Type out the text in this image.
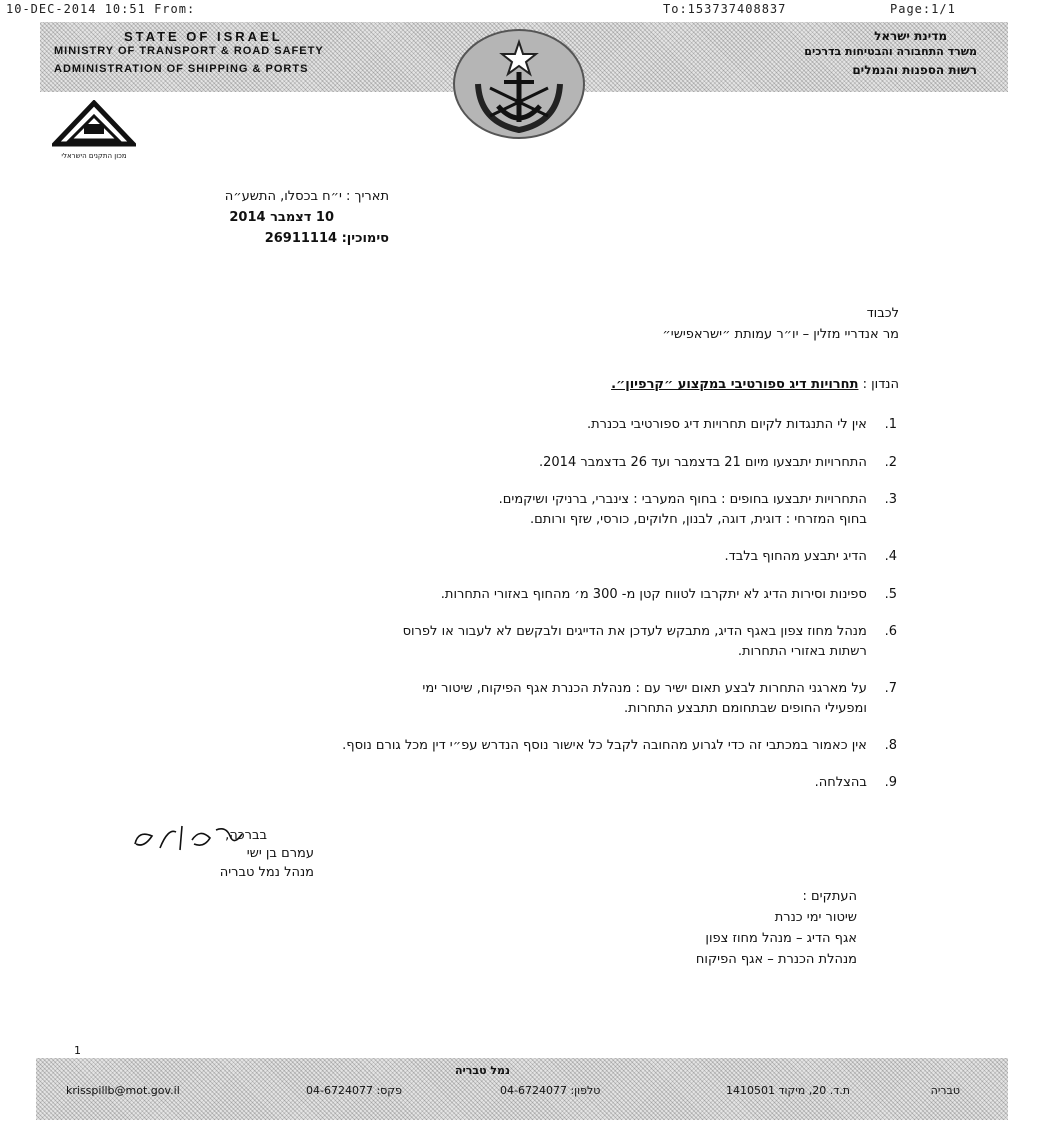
10-DEC-2014 10:51 From:	To:153737408837	Page:1/1
STATE OF ISRAEL
MINISTRY OF TRANSPORT & ROAD SAFETY
ADMINISTRATION OF SHIPPING & PORTS
מדינת ישראל
משרד התחבורה והבטיחות בדרכים
רשות הספנות והנמלים
מכון התקנים הישראלי
תאריך : י״ח בכסלו, התשע״ה
10 דצמבר 2014
סימוכין: 26911114
לכבוד
מר אנדריי מזלין – יו״ר עמותת ״ישראפישי״
הנדון : תחרויות דיג ספורטיבי במקצוע ״קרפיון״.
1. אין לי התנגדות לקיום תחרויות דיג ספורטיבי בכנרת.
2. התחרויות יתבצעו מיום 21 בדצמבר ועד 26 בדצמבר 2014.
3.
התחרויות יתבצעו בחופים : בחוף המערבי : צינברי, ברניקי ושיקמים.
בחוף המזרחי : דוגית, דוגה, לבנון, חלוקים, כורסי, שזף ורותם.
4. הדיג יתבצע מהחוף בלבד.
5. ספינות וסירות הדיג לא יתקרבו לטווח קטן מ- 300 מ׳ מהחוף באזורי התחרות.
6.
מנהל מחוז צפון באגף הדיג, מתבקש לעדכן את הדייגים ולבקשם לא לעבור או לפרוס
רשתות באזורי התחרות.
7.
על מארגני התחרות לבצע תאום ישיר עם : מנהלת הכנרת אגף הפיקוח, שיטור ימי
ומפעילי החופים שבתחומם תתבצע התחרות.
8. אין כאמור במכתבי זה כדי לגרוע מהחובה לקבל כל אישור נוסף הנדרש עפ״י דין מכל גורם נוסף.
9. בהצלחה.
בברכה,
עמרם בן ישי
מנהל נמל טבריה
העתקים :
שיטור ימי כנרת
אגף הדיג – מנהל מחוז צפון
מנהלת הכנרת – אגף הפיקוח
1
נמל טבריה
krisspillb@mot.gov.il	04-6724077 :פקס	04-6724077 :טלפון	ת.ד. 20, מיקוד 1410501	טבריה
